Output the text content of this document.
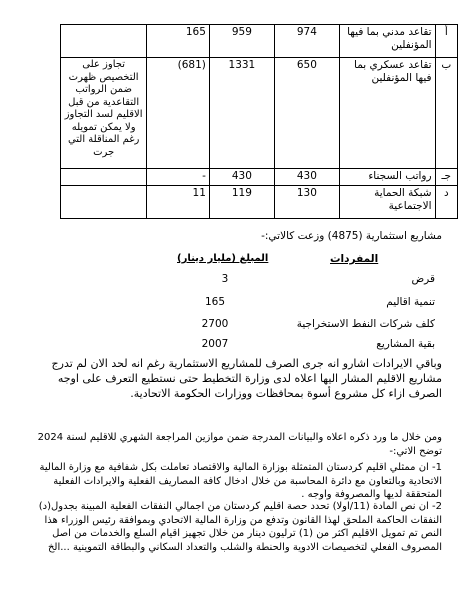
أ	تقاعد مدني بما فيها المؤنفلين	974	959	165	
ب	تقاعد عسكري بما فيها المؤنفلين	650	1331	(681)	تجاوز على التخصيص ظهرت ضمن الرواتب التقاعدية من قبل الاقليم لسد التجاوز ولا يمكن تمويله رغم المناقلة التي جرت
جـ	رواتب السجناء	430	430	-	
د	شبكة الحماية الاجتماعية	130	119	11	
مشاريع استثمارية (4875) وزعت كالاتي:-
المبلغ (مليار دينار)	المفردات
3	قرض
165	تنمية اقاليم
2700	كلف شركات النفط الاستخراجية
2007	بقية المشاريع
وباقي الايرادات اشارو انه جرى الصرف للمشاريع الاستثمارية رغم انه لحد الان لم تدرج مشاريع الاقليم المشار اليها اعلاه لدى وزارة التخطيط حتى نستطيع التعرف على اوجه الصرف ازاء كل مشروع أسوة بمحافظات ووزارات الحكومة الاتحادية.
ومن خلال ما ورد ذكره اعلاه والبيانات المدرجة ضمن موازين المراجعة الشهري للاقليم لسنة 2024 توضح الاتي:-
1- ان ممثلي اقليم كردستان المتمثلة بوزارة المالية والاقتصاد تعاملت بكل شفافية مع وزارة المالية الاتحادية وبالتعاون مع دائرة المحاسبة من خلال ادخال كافة المصاريف الفعلية والايرادات الفعلية المتحققة لديها والمصروفة واوجه .
2- ان نص المادة (11/اولا) تحدد حصة اقليم كردستان من اجمالي النفقات الفعلية المبينة بجدول(د) النفقات الحاكمة الملحق لهذا القانون وتدفع من وزارة المالية الاتحادي وبموافقة رئيس الوزراء هذا النص تم تمويل الاقليم اكثر من (1) ترليون دينار من خلال تجهيز اقيام السلع والخدمات من اصل المصروف الفعلي لتخصيصات الادوية والحنطة والشلب والتعداد السكاني والبطاقة التموينية ...الخ
